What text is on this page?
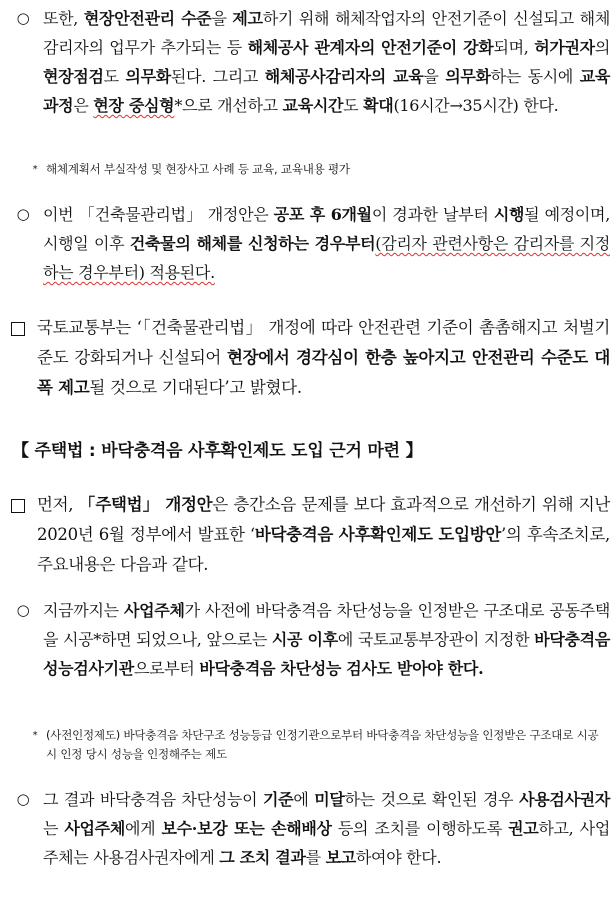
○ 또한, 현장안전관리 수준을 제고하기 위해 해체작업자의 안전기준이 신설되고 해체감리자의 업무가 추가되는 등 해체공사 관계자의 안전기준이 강화되며, 허가권자의 현장점검도 의무화된다. 그리고 해체공사감리자의 교육을 의무화하는 동시에 교육과정은 현장 중심형*으로 개선하고 교육시간도 확대(16시간→35시간) 한다.
* 해체계획서 부실작성 및 현장사고 사례 등 교육, 교육내용 평가
○ 이번 「건축물관리법」 개정안은 공포 후 6개월이 경과한 날부터 시행될 예정이며, 시행일 이후 건축물의 해체를 신청하는 경우부터(감리자 관련사항은 감리자를 지정하는 경우부터) 적용된다.
국토교통부는 ‘「건축물관리법」 개정에 따라 안전관련 기준이 촘촘해지고 처벌기준도 강화되거나 신설되어 현장에서 경각심이 한층 높아지고 안전관리 수준도 대폭 제고될 것으로 기대된다’고 밝혔다.
【 주택법 : 바닥충격음 사후확인제도 도입 근거 마련 】
먼저, 「주택법」 개정안은 층간소음 문제를 보다 효과적으로 개선하기 위해 지난 2020년 6월 정부에서 발표한 ‘바닥충격음 사후확인제도 도입방안’의 후속조치로, 주요내용은 다음과 같다.
○ 지금까지는 사업주체가 사전에 바닥충격음 차단성능을 인정받은 구조대로 공동주택을 시공*하면 되었으나, 앞으로는 시공 이후에 국토교통부장관이 지정한 바닥충격음 성능검사기관으로부터 바닥충격음 차단성능 검사도 받아야 한다.
* (사전인정제도) 바닥충격음 차단구조 성능등급 인정기관으로부터 바닥충격음 차단성능을 인정받은 구조대로 시공 시 인정 당시 성능을 인정해주는 제도
○ 그 결과 바닥충격음 차단성능이 기준에 미달하는 것으로 확인된 경우 사용검사권자는 사업주체에게 보수·보강 또는 손해배상 등의 조치를 이행하도록 권고하고, 사업주체는 사용검사권자에게 그 조치 결과를 보고하여야 한다.
